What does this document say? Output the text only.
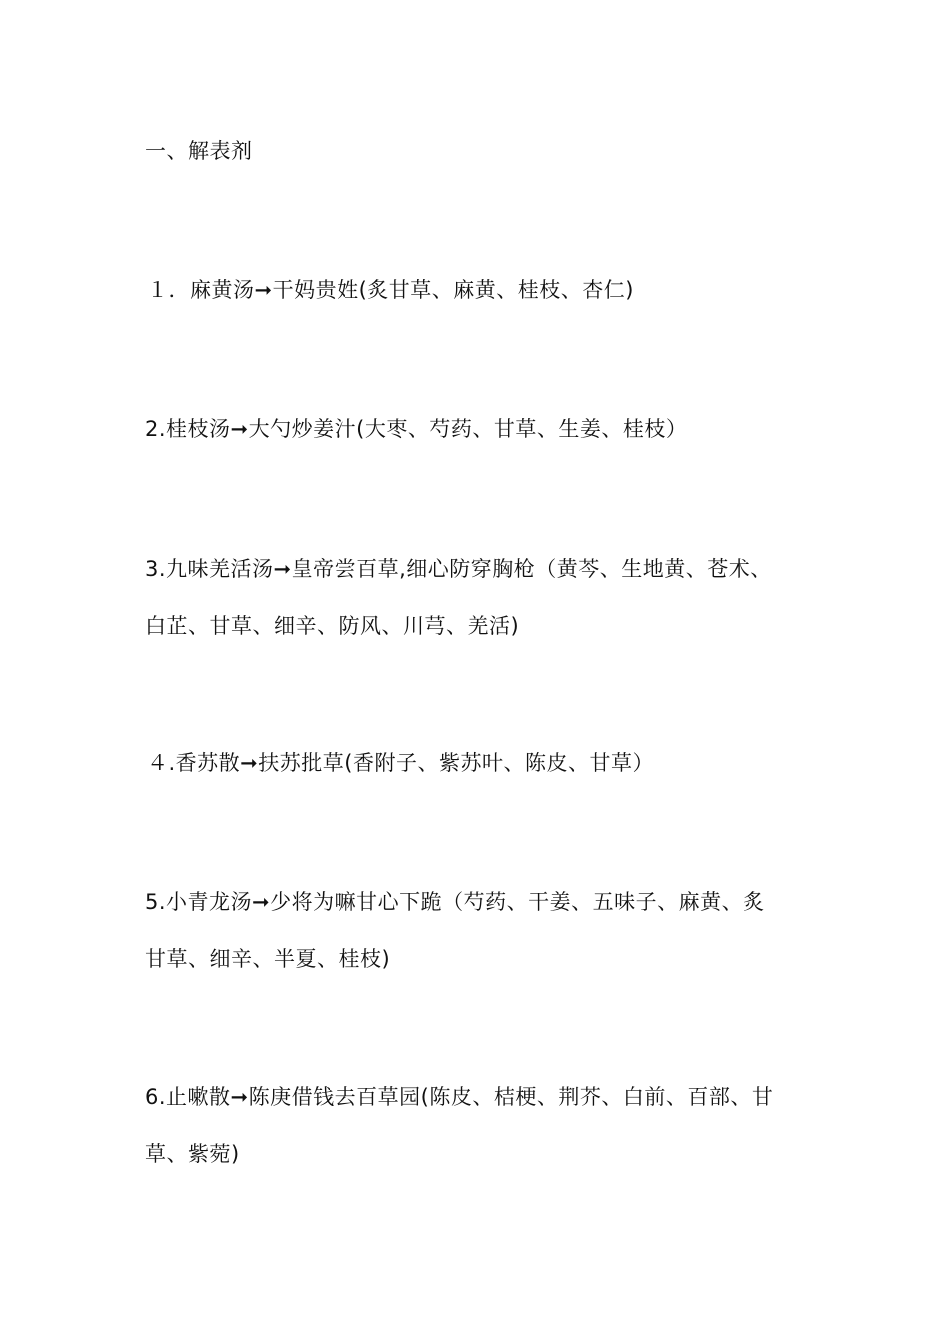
一、解表剂
１．麻黄汤➞干妈贵姓(炙甘草、麻黄、桂枝、杏仁)
2.桂枝汤➞大勺炒姜汁(大枣、芍药、甘草、生姜、桂枝）
3.九味羌活汤➞皇帝尝百草,细心防穿胸枪（黄芩、生地黄、苍术、
白芷、甘草、细辛、防风、川芎、羌活)
４.香苏散➞扶苏批草(香附子、紫苏叶、陈皮、甘草）
5.小青龙汤➞少将为嘛甘心下跪（芍药、干姜、五味子、麻黄、炙
甘草、细辛、半夏、桂枝)
6.止嗽散➞陈庚借钱去百草园(陈皮、桔梗、荆芥、白前、百部、甘
草、紫菀)
